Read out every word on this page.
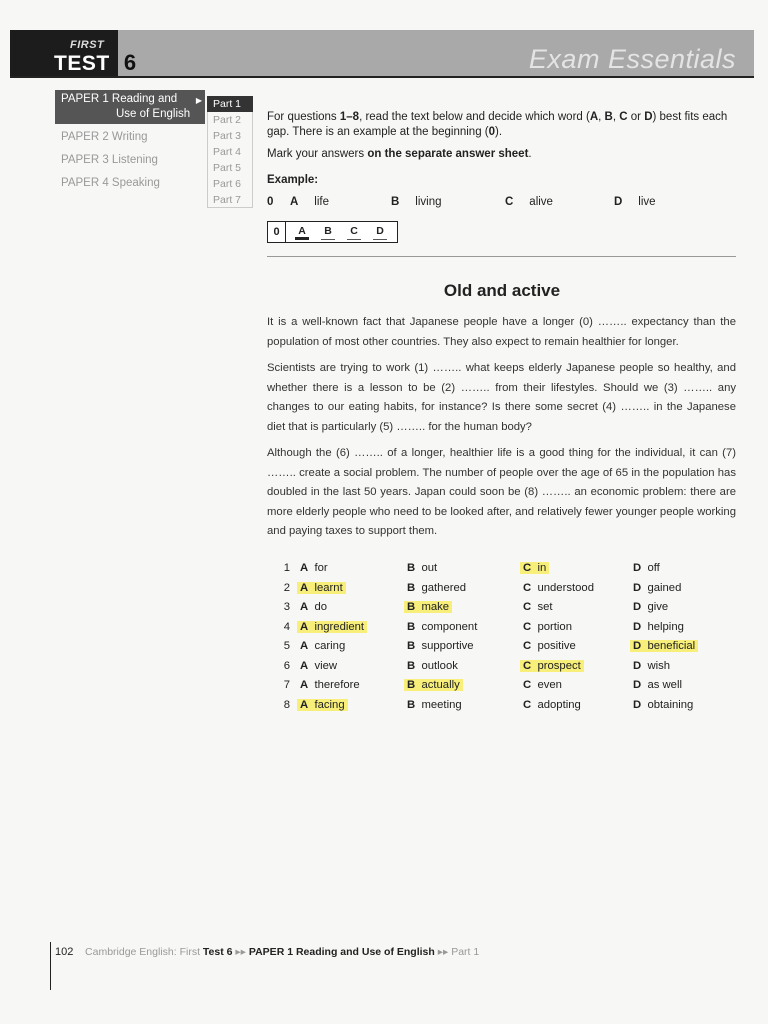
FIRST
TEST 6	Exam Essentials
PAPER 1 Reading and
Use of English
▶
PAPER 2 Writing
PAPER 3 Listening
PAPER 4 Speaking
Part 1
Part 2
Part 3
Part 4
Part 5
Part 6
Part 7
For questions 1–8, read the text below and decide which word (A, B, C or D) best fits each gap. There is an example at the beginning (0).
Mark your answers on the separate answer sheet.
Example:
0 A life	B living	C alive	D live
0	A	B	C	D
Old and active
It is a well-known fact that Japanese people have a longer (0) …….. expectancy than the population of most other countries. They also expect to remain healthier for longer.
Scientists are trying to work (1) …….. what keeps elderly Japanese people so healthy, and whether there is a lesson to be (2) …….. from their lifestyles. Should we (3) …….. any changes to our eating habits, for instance? Is there some secret (4) …….. in the Japanese diet that is particularly (5) …….. for the human body?
Although the (6) …….. of a longer, healthier life is a good thing for the individual, it can (7) …….. create a social problem. The number of people over the age of 65 in the population has doubled in the last 50 years. Japan could soon be (8) …….. an economic problem: there are more elderly people who need to be looked after, and relatively fewer younger people working and paying taxes to support them.
1 A for	B out	C in	D off
2 A learnt	B gathered	C understood	D gained
3 A do	B make	C set	D give
4 A ingredient	B component	C portion	D helping
5 A caring	B supportive	C positive	D beneficial
6 A view	B outlook	C prospect	D wish
7 A therefore	B actually	C even	D as well
8 A facing	B meeting	C adopting	D obtaining
102 Cambridge English: First Test 6 ▸▸ PAPER 1 Reading and Use of English ▸▸ Part 1
